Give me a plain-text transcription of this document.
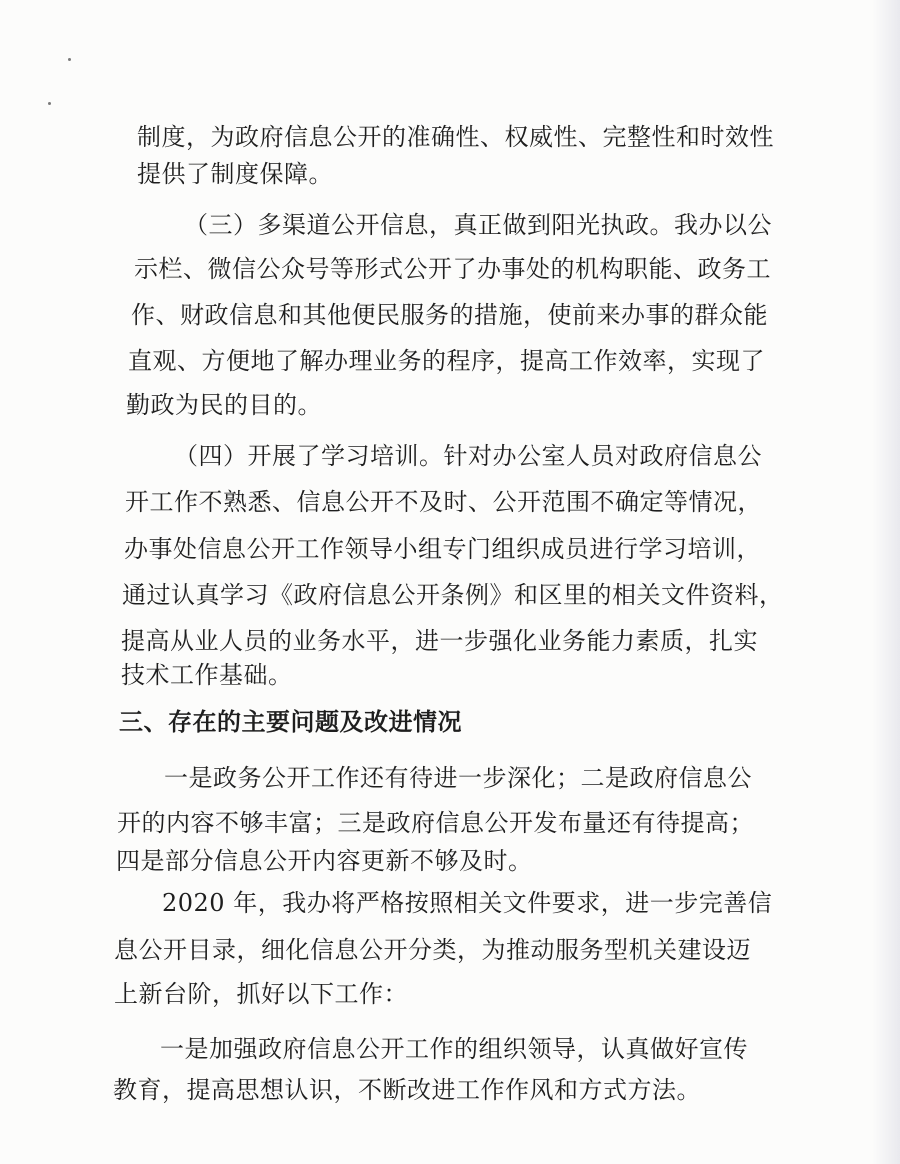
制度，为政府信息公开的准确性、权威性、完整性和时效性

提供了制度保障。

（三）多渠道公开信息，真正做到阳光执政。我办以公

示栏、微信公众号等形式公开了办事处的机构职能、政务工

作、财政信息和其他便民服务的措施，使前来办事的群众能

直观、方便地了解办理业务的程序，提高工作效率，实现了

勤政为民的目的。

（四）开展了学习培训。针对办公室人员对政府信息公

开工作不熟悉、信息公开不及时、公开范围不确定等情况，

办事处信息公开工作领导小组专门组织成员进行学习培训，

通过认真学习《政府信息公开条例》和区里的相关文件资料，

提高从业人员的业务水平，进一步强化业务能力素质，扎实

技术工作基础。

三、存在的主要问题及改进情况

一是政务公开工作还有待进一步深化；二是政府信息公

开的内容不够丰富；三是政府信息公开发布量还有待提高；

四是部分信息公开内容更新不够及时。

2020 年，我办将严格按照相关文件要求，进一步完善信

息公开目录，细化信息公开分类，为推动服务型机关建设迈

上新台阶，抓好以下工作：

一是加强政府信息公开工作的组织领导，认真做好宣传

教育，提高思想认识，不断改进工作作风和方式方法。
